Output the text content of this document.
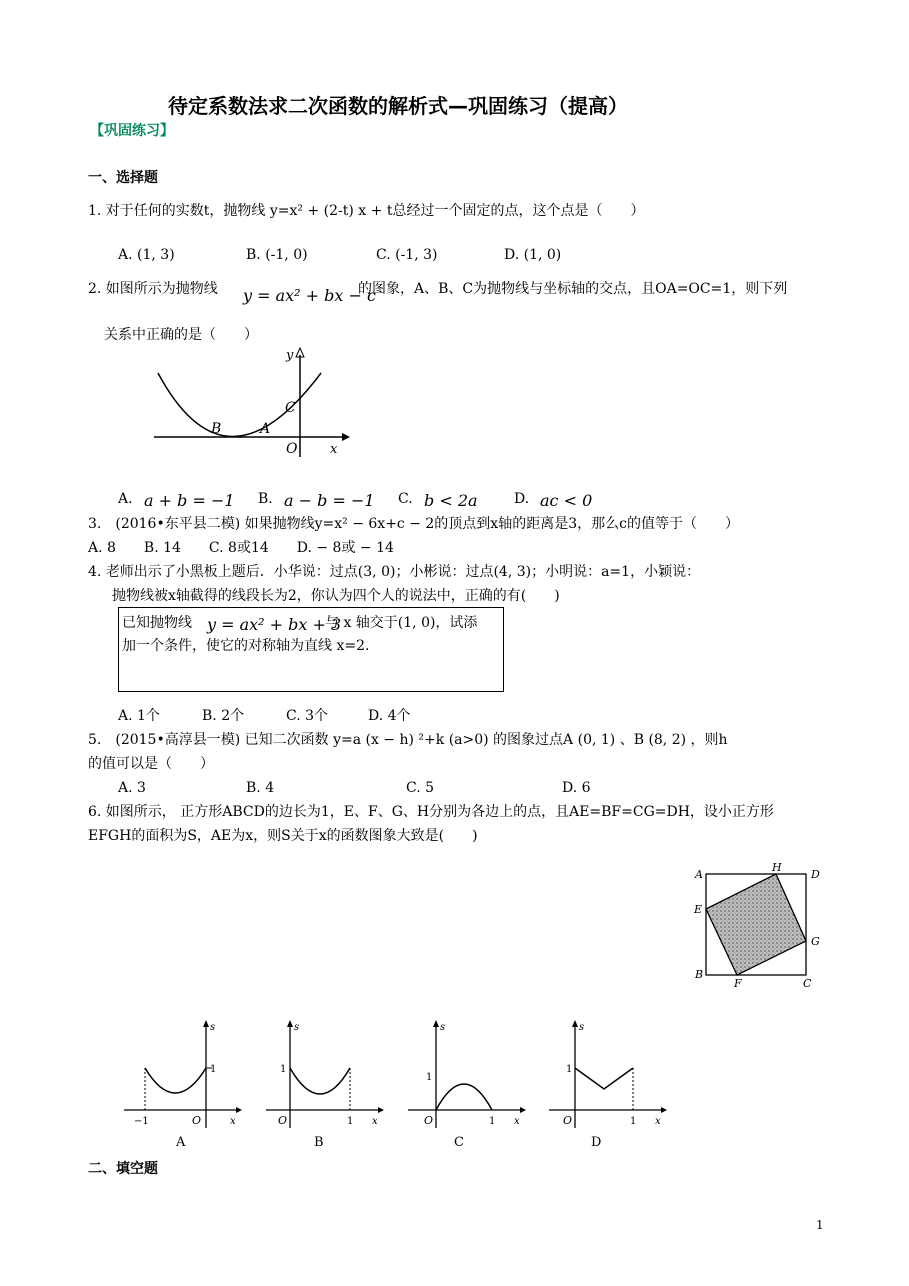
待定系数法求二次函数的解析式—巩固练习（提高）
【巩固练习】
一、选择题
1. 对于任何的实数t，抛物线 y=x² + (2-t) x + t总经过一个固定的点，这个点是（　　）
A. (1, 3)	B. (-1, 0)	C. (-1, 3)	D. (1, 0)
2. 如图所示为抛物线 y = ax² + bx − c
的图象，A、B、C为抛物线与坐标轴的交点，且OA=OC=1，则下列
关系中正确的是（　　）
y
x
B	A
C
O
A. a + b = −1 B. a − b = −1 C. b < 2a	D. ac < 0
3.　(2016•东平县二模) 如果抛物线y=x² − 6x+c − 2的顶点到x轴的距离是3，那么c的值等于（　　）
A. 8　　B. 14　　C. 8或14　　D. − 8或 − 14
4. 老师出示了小黑板上题后．小华说：过点(3, 0)；小彬说：过点(4, 3)；小明说：a=1，小颖说：
抛物线被x轴截得的线段长为2，你认为四个人的说法中，正确的有(　　)
已知抛物线 y = ax² + bx + 3
与 x 轴交于(1, 0)，试添
加一个条件，使它的对称轴为直线 x=2.
A. 1个	B. 2个	C. 3个	D. 4个
5.　(2015•高淳县一模) 已知二次函数 y=a (x − h) ²+k (a>0) 的图象过点A (0, 1) 、B (8, 2) ，则h
的值可以是（　　）
A. 3	B. 4	C. 5	D. 6
6. 如图所示， 正方形ABCD的边长为1，E、F、G、H分别为各边上的点，且AE=BF=CG=DH，设小正方形
EFGH的面积为S，AE为x，则S关于x的函数图象大致是(　　)
A
H
D
E
G
B
F	C
s
x
O
−1
1
A
s
x
O
1
1
B
s
x
O
1
1
C
s
x
O
1
1
D
二、填空题
1
